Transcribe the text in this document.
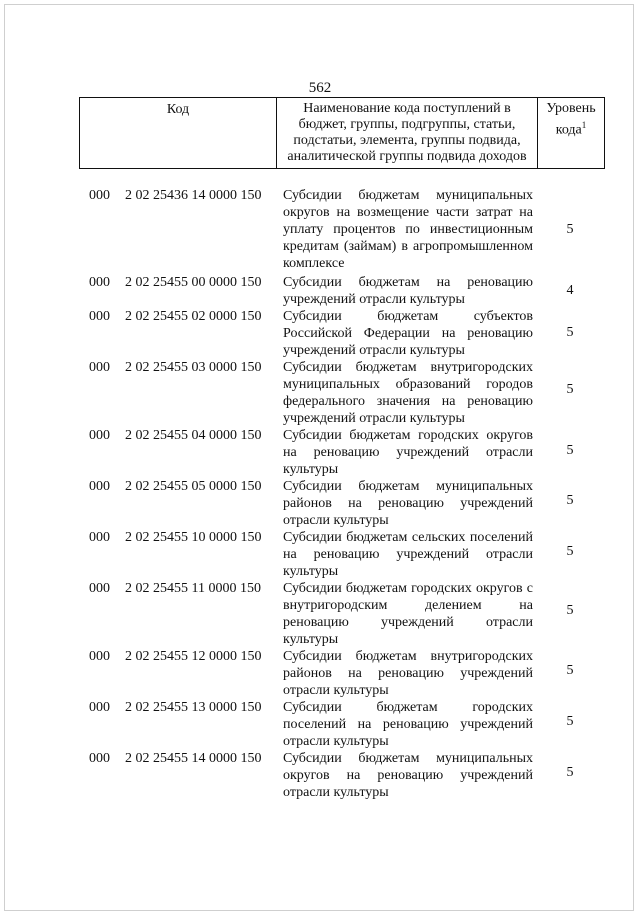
562
Код	Наименование кода поступлений в бюджет, группы, подгруппы, статьи, подстатьи, элемента, группы подвида, аналитической группы подвида доходов
Уровень кода$^1$
000 2 02 25436 14 0000 150 Субсидии бюджетам муниципальных округов на возмещение части затрат на уплату процентов по инвестиционным кредитам (займам) в агропромышленном комплексе
5
000 2 02 25455 00 0000 150 Субсидии бюджетам на реновацию учреждений отрасли культуры
4
000 2 02 25455 02 0000 150 Субсидии бюджетам субъектов Российской Федерации на реновацию учреждений отрасли культуры
5
000 2 02 25455 03 0000 150 Субсидии бюджетам внутригородских муниципальных образований городов федерального значения на реновацию учреждений отрасли культуры
5
000 2 02 25455 04 0000 150 Субсидии бюджетам городских округов на реновацию учреждений отрасли культуры
5
000 2 02 25455 05 0000 150 Субсидии бюджетам муниципальных районов на реновацию учреждений отрасли культуры
5
000 2 02 25455 10 0000 150 Субсидии бюджетам сельских поселений на реновацию учреждений отрасли культуры
5
000 2 02 25455 11 0000 150 Субсидии бюджетам городских округов с внутригородским делением на реновацию учреждений отрасли культуры
5
000 2 02 25455 12 0000 150 Субсидии бюджетам внутригородских районов на реновацию учреждений отрасли культуры
5
000 2 02 25455 13 0000 150 Субсидии бюджетам городских поселений на реновацию учреждений отрасли культуры
5
000 2 02 25455 14 0000 150 Субсидии бюджетам муниципальных округов на реновацию учреждений отрасли культуры
5
